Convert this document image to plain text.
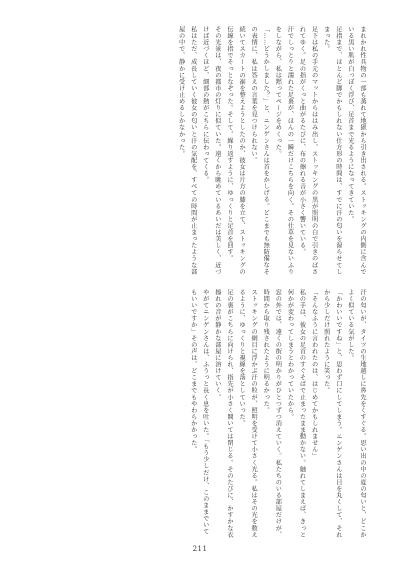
まれかれ性具物の一部も蒸れて地獄から引き出される。ストッキングの内側に含んでいる黒い肌が白っぽく浮び、足首まで光るようになってきていた。

足指まで、ほとんど脚でかもしれない仕方形の時間は、すでに汗の匂いを湿らせてしまった。

足下は私の手元のマットからははみ出し、ストッキングの黒が照明の白で引きのばされてゆく。足の指がくっと曲がるたびに、布の擦れる音が小さく響いている。

汗でしっとりと濡れた足裏が、ほんの一瞬だけこちらを向く。その仕草を見ないふりをしながら、私は黙ってページをめくった。

「……どうかしました？」と、ニンゲンさんは首をかしげる。どこまでも無防備なその表情に、私は答えの言葉を見つけられない。

続いてスカートの裾を整えようとしたのか、彼女は片方の膝を立て、ストッキングの伝線を指でそっとなぞった。そして、繰り返すように、ゆっくりと足首を回す。

その光景は、夜の都市の灯りに似ていた。遠くから眺めているあいだは美しく、近づけば近づくほど、細部の熱がこちらに伝わってくる。

私はただ、成長していく彼女の匂いと汗の気配を、すべての時間が止まったような部屋の中で、静かに受け止めるしかなかった。

汗の匂いが、タイツの生地越しに鼻先をくすぐる。思い出の中の夏の匂いと、どこかよく似ている気がした。

「かわいいですね」と、思わず口にしてしまう。ニンゲンさんは目を丸くして、それから少しだけ照れたように笑った。

「そんなふうに言われたのは、はじめてかもしれません」

私の手は、彼女の足首のすぐそばで止まったまま動かない。触れてしまえば、きっと何かが変わってしまうとわかっていたから。

窓の外では、遠くの街の明かりがひとつずつ消えていく。私たちのいる部屋だけが、時間から取り残されたように明るかった。

ストッキングの網目に浮かぶ汗の粒が、照明を受けて小さく光る。私はその光を数えるように、ゆっくりと視線を落としていった。

足の裏がこちらに向けられ、指先が小さく開いては閉じる。そのたびに、かすかな衣擦れの音が静かな部屋に溶けていく。

やがてニンゲンさんは、ふうっと長く息を吐いた。「もう少しだけ、このままでいてもいいですか」その声は、どこまでもやわらかかった。

211
